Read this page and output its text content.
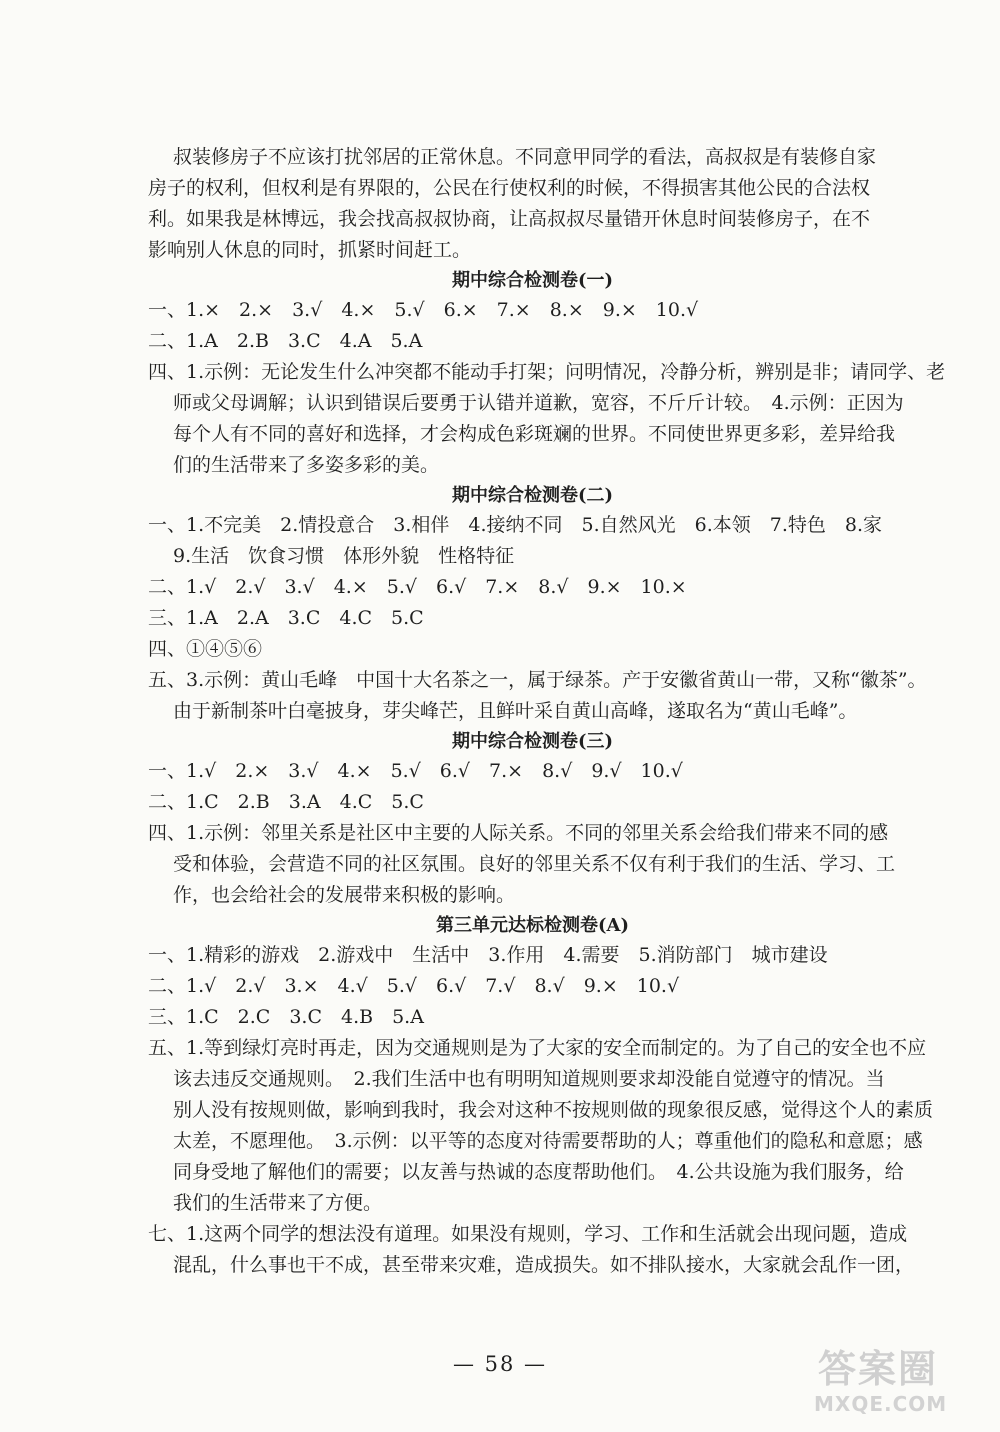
叔装修房子不应该打扰邻居的正常休息。不同意甲同学的看法，高叔叔是有装修自家
房子的权利，但权利是有界限的，公民在行使权利的时候，不得损害其他公民的合法权
利。如果我是林博远，我会找高叔叔协商，让高叔叔尽量错开休息时间装修房子，在不
影响别人休息的同时，抓紧时间赶工。
期中综合检测卷(一)
一、1.×　2.×　3.√　4.×　5.√　6.×　7.×　8.×　9.×　10.√
二、1.A　2.B　3.C　4.A　5.A
四、1.示例：无论发生什么冲突都不能动手打架；问明情况，冷静分析，辨别是非；请同学、老
师或父母调解；认识到错误后要勇于认错并道歉，宽容，不斤斤计较。　4.示例：正因为
每个人有不同的喜好和选择，才会构成色彩斑斓的世界。不同使世界更多彩，差异给我
们的生活带来了多姿多彩的美。
期中综合检测卷(二)
一、1.不完美　2.情投意合　3.相伴　4.接纳不同　5.自然风光　6.本领　7.特色　8.家
9.生活　饮食习惯　体形外貌　性格特征
二、1.√　2.√　3.√　4.×　5.√　6.√　7.×　8.√　9.×　10.×
三、1.A　2.A　3.C　4.C　5.C
四、①④⑤⑥
五、3.示例：黄山毛峰　中国十大名茶之一，属于绿茶。产于安徽省黄山一带，又称“徽茶”。
由于新制茶叶白毫披身，芽尖峰芒，且鲜叶采自黄山高峰，遂取名为“黄山毛峰”。
期中综合检测卷(三)
一、1.√　2.×　3.√　4.×　5.√　6.√　7.×　8.√　9.√　10.√
二、1.C　2.B　3.A　4.C　5.C
四、1.示例：邻里关系是社区中主要的人际关系。不同的邻里关系会给我们带来不同的感
受和体验，会营造不同的社区氛围。良好的邻里关系不仅有利于我们的生活、学习、工
作，也会给社会的发展带来积极的影响。
第三单元达标检测卷(A)
一、1.精彩的游戏　2.游戏中　生活中　3.作用　4.需要　5.消防部门　城市建设
二、1.√　2.√　3.×　4.√　5.√　6.√　7.√　8.√　9.×　10.√
三、1.C　2.C　3.C　4.B　5.A
五、1.等到绿灯亮时再走，因为交通规则是为了大家的安全而制定的。为了自己的安全也不应
该去违反交通规则。　2.我们生活中也有明明知道规则要求却没能自觉遵守的情况。当
别人没有按规则做，影响到我时，我会对这种不按规则做的现象很反感，觉得这个人的素质
太差，不愿理他。　3.示例：以平等的态度对待需要帮助的人；尊重他们的隐私和意愿；感
同身受地了解他们的需要；以友善与热诚的态度帮助他们。　4.公共设施为我们服务，给
我们的生活带来了方便。
七、1.这两个同学的想法没有道理。如果没有规则，学习、工作和生活就会出现问题，造成
混乱，什么事也干不成，甚至带来灾难，造成损失。如不排队接水，大家就会乱作一团，
— 58 —	答案圈
MXQE.COM
